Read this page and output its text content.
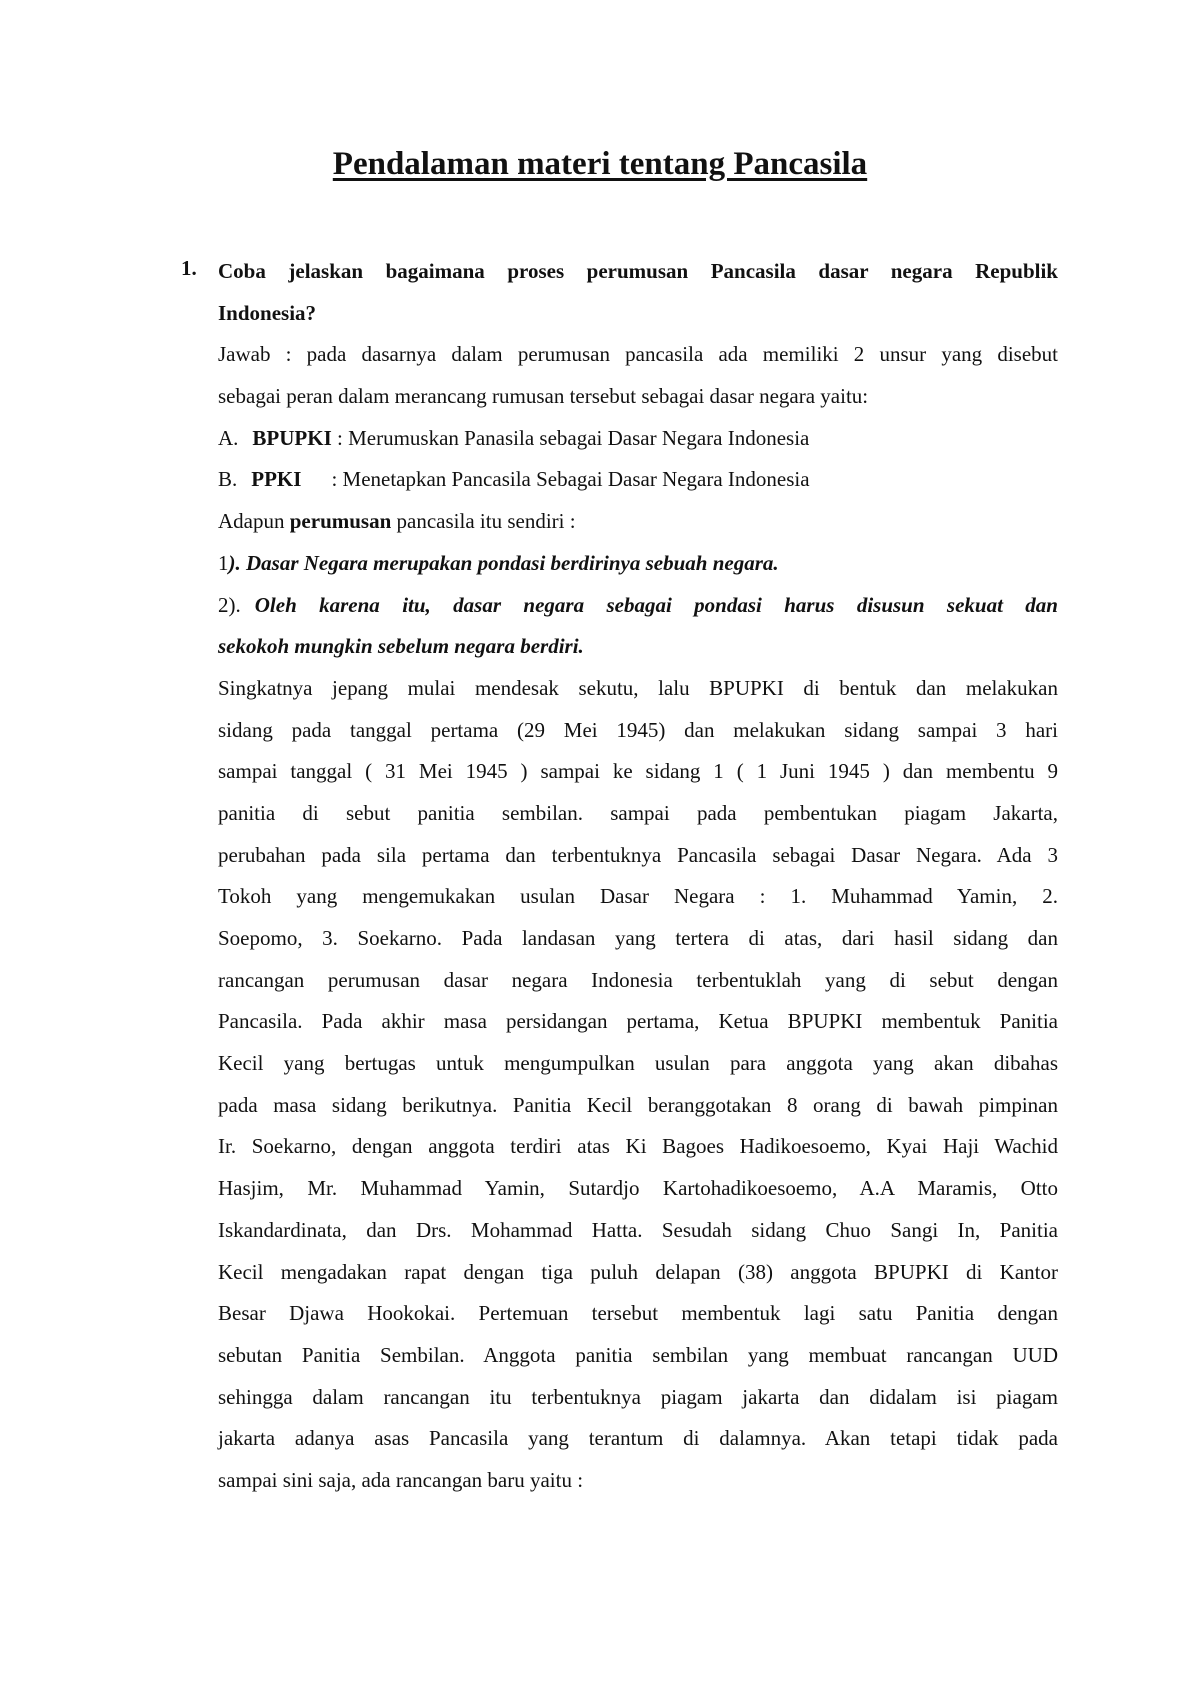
Pendalaman materi tentang Pancasila
1. Coba jelaskan bagaimana proses perumusan Pancasila dasar negara Republik
Indonesia?
Jawab : pada dasarnya dalam perumusan pancasila ada memiliki 2 unsur yang disebut
sebagai peran dalam merancang rumusan tersebut sebagai dasar negara yaitu:
A. BPUPKI : Merumuskan Panasila sebagai Dasar Negara Indonesia
B. PPKI : Menetapkan Pancasila Sebagai Dasar Negara Indonesia
Adapun perumusan pancasila itu sendiri :
1). Dasar Negara merupakan pondasi berdirinya sebuah negara.
2). Oleh karena itu, dasar negara sebagai pondasi harus disusun sekuat dan
sekokoh mungkin sebelum negara berdiri.
Singkatnya jepang mulai mendesak sekutu, lalu BPUPKI di bentuk dan melakukan
sidang pada tanggal pertama (29 Mei 1945) dan melakukan sidang sampai 3 hari
sampai tanggal ( 31 Mei 1945 ) sampai ke sidang 1 ( 1 Juni 1945 ) dan membentu 9
panitia di sebut panitia sembilan. sampai pada pembentukan piagam Jakarta,
perubahan pada sila pertama dan terbentuknya Pancasila sebagai Dasar Negara. Ada 3
Tokoh yang mengemukakan usulan Dasar Negara : 1. Muhammad Yamin, 2.
Soepomo, 3. Soekarno. Pada landasan yang tertera di atas, dari hasil sidang dan
rancangan perumusan dasar negara Indonesia terbentuklah yang di sebut dengan
Pancasila. Pada akhir masa persidangan pertama, Ketua BPUPKI membentuk Panitia
Kecil yang bertugas untuk mengumpulkan usulan para anggota yang akan dibahas
pada masa sidang berikutnya. Panitia Kecil beranggotakan 8 orang di bawah pimpinan
Ir. Soekarno, dengan anggota terdiri atas Ki Bagoes Hadikoesoemo, Kyai Haji Wachid
Hasjim, Mr. Muhammad Yamin, Sutardjo Kartohadikoesoemo, A.A Maramis, Otto
Iskandardinata, dan Drs. Mohammad Hatta. Sesudah sidang Chuo Sangi In, Panitia
Kecil mengadakan rapat dengan tiga puluh delapan (38) anggota BPUPKI di Kantor
Besar Djawa Hookokai. Pertemuan tersebut membentuk lagi satu Panitia dengan
sebutan Panitia Sembilan. Anggota panitia sembilan yang membuat rancangan UUD
sehingga dalam rancangan itu terbentuknya piagam jakarta dan didalam isi piagam
jakarta adanya asas Pancasila yang terantum di dalamnya. Akan tetapi tidak pada
sampai sini saja, ada rancangan baru yaitu :
